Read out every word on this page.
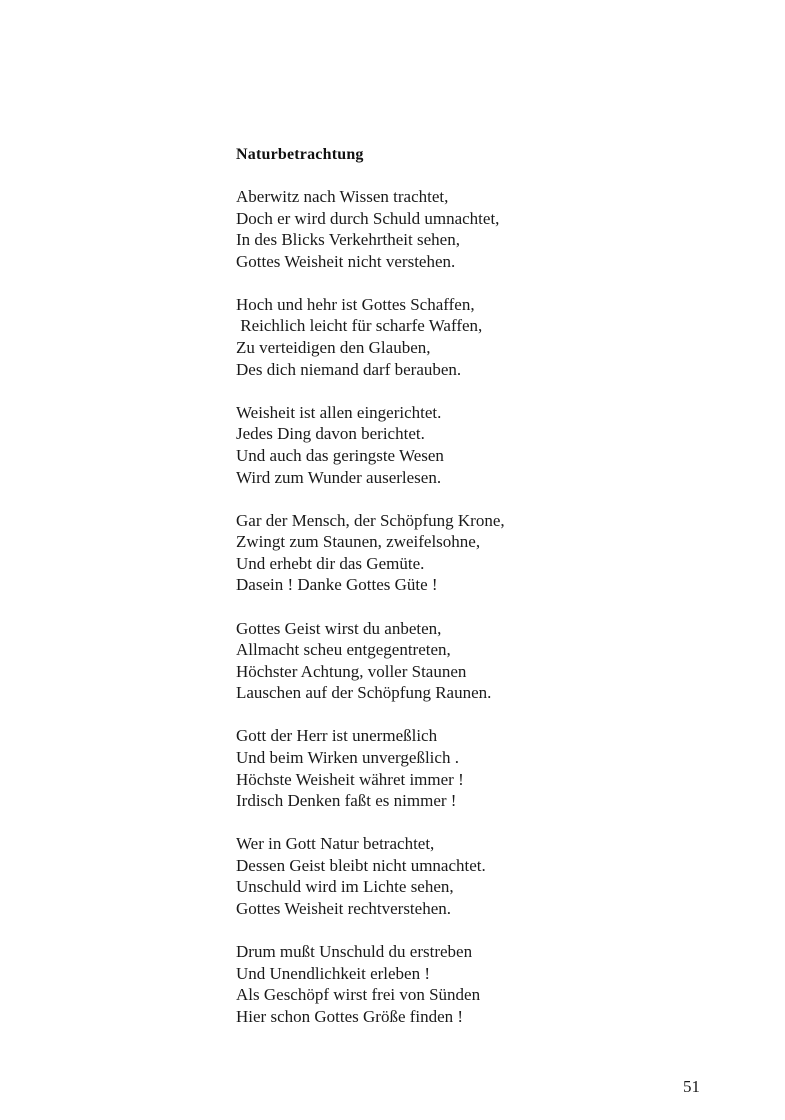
Naturbetrachtung
Aberwitz nach Wissen trachtet,
Doch er wird durch Schuld umnachtet,
In des Blicks Verkehrtheit sehen,
Gottes Weisheit nicht verstehen.
Hoch und hehr ist Gottes Schaffen,
Reichlich leicht für scharfe Waffen,
Zu verteidigen den Glauben,
Des dich niemand darf berauben.
Weisheit ist allen eingerichtet.
Jedes Ding davon berichtet.
Und auch das geringste Wesen
Wird zum Wunder auserlesen.
Gar der Mensch, der Schöpfung Krone,
Zwingt zum Staunen, zweifelsohne,
Und erhebt dir das Gemüte.
Dasein ! Danke Gottes Güte !
Gottes Geist wirst du anbeten,
Allmacht scheu entgegentreten,
Höchster Achtung, voller Staunen
Lauschen auf der Schöpfung Raunen.
Gott der Herr ist unermeßlich
Und beim Wirken unvergeßlich .
Höchste Weisheit währet immer !
Irdisch Denken faßt es nimmer !
Wer in Gott Natur betrachtet,
Dessen Geist bleibt nicht umnachtet.
Unschuld wird im Lichte sehen,
Gottes Weisheit rechtverstehen.
Drum mußt Unschuld du erstreben
Und Unendlichkeit erleben !
Als Geschöpf wirst frei von Sünden
Hier schon Gottes Größe finden !
51
